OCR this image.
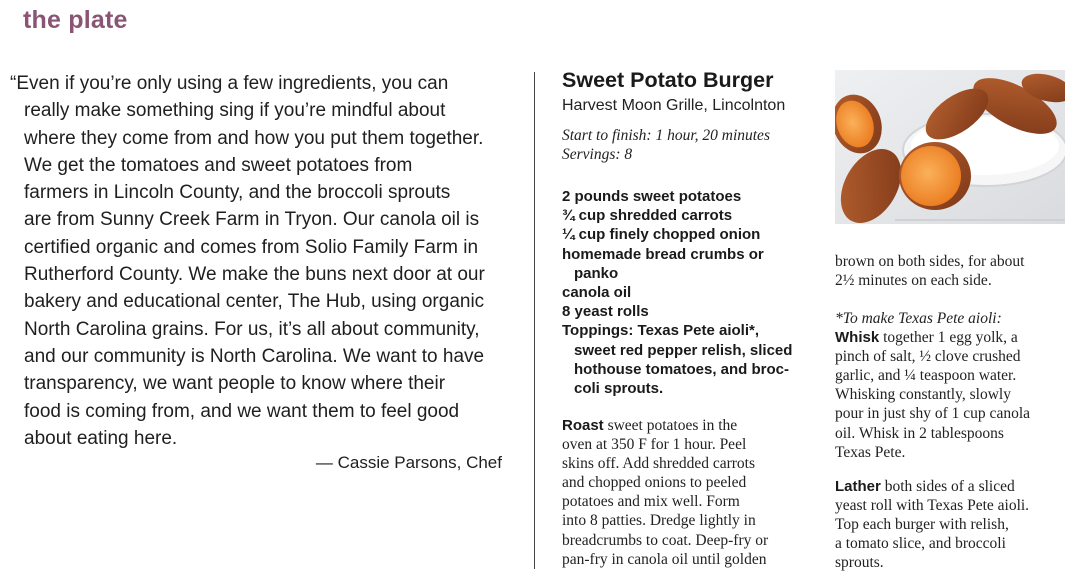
the plate
“Even if you’re only using a few ingredients, you can
really make something sing if you’re mindful about
where they come from and how you put them together.
We get the tomatoes and sweet potatoes from
farmers in Lincoln County, and the broccoli sprouts
are from Sunny Creek Farm in Tryon. Our canola oil is
certified organic and comes from Solio Family Farm in
Rutherford County. We make the buns next door at our
bakery and educational center, The Hub, using organic
North Carolina grains. For us, it’s all about community,
and our community is North Carolina. We want to have
transparency, we want people to know where their
food is coming from, and we want them to feel good
about eating here.
— Cassie Parsons, Chef
Sweet Potato Burger
Harvest Moon Grille, Lincolnton
Start to finish: 1 hour, 20 minutes
Servings: 8
2 pounds sweet potatoes
¾ cup shredded carrots
¼ cup finely chopped onion
homemade bread crumbs or
panko
canola oil
8 yeast rolls
Toppings: Texas Pete aioli*,
sweet red pepper relish, sliced
hothouse tomatoes, and broc-
coli sprouts.
Roast sweet potatoes in the
oven at 350 F for 1 hour. Peel
skins off. Add shredded carrots
and chopped onions to peeled
potatoes and mix well. Form
into 8 patties. Dredge lightly in
breadcrumbs to coat. Deep-fry or
pan-fry in canola oil until golden
brown on both sides, for about
2½ minutes on each side.
*To make Texas Pete aioli:
Whisk together 1 egg yolk, a
pinch of salt, ½ clove crushed
garlic, and ¼ teaspoon water.
Whisking constantly, slowly
pour in just shy of 1 cup canola
oil. Whisk in 2 tablespoons
Texas Pete.
Lather both sides of a sliced
yeast roll with Texas Pete aioli.
Top each burger with relish,
a tomato slice, and broccoli
sprouts.
